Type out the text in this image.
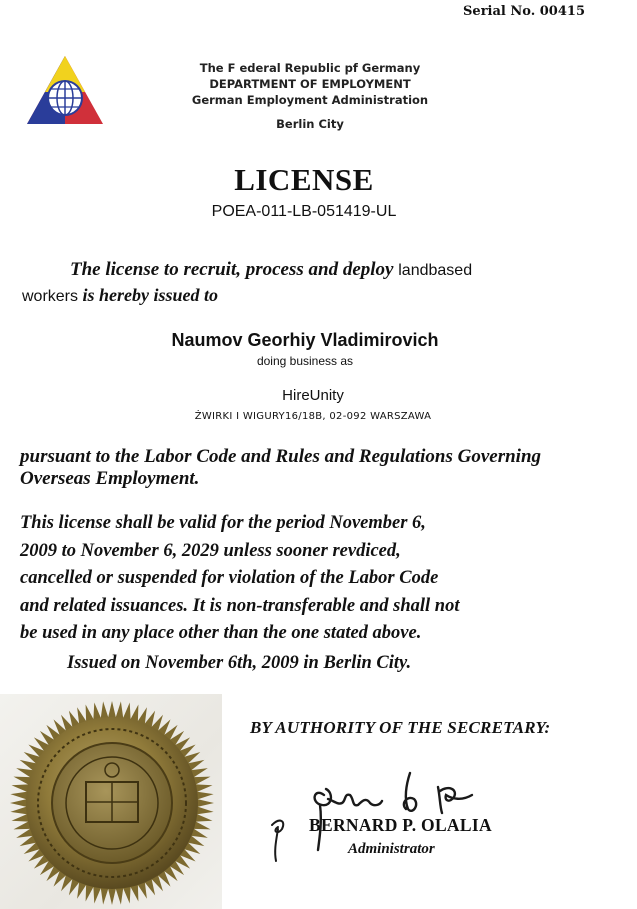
Serial No. 00415
The F ederal Republic pf Germany
DEPARTMENT OF EMPLOYMENT
German Employment Administration
Berlin City
LICENSE
POEA-011-LB-051419-UL
The license to recruit, process and deploy landbased
workers is hereby issued to
Naumov Georhiy Vladimirovich
doing business as
HireUnity
ŻWIRKI I WIGURY16/18B, 02-092 WARSZAWA
pursuant to the Labor Code and Rules and Regulations Governing Overseas Employment.
This license shall be valid for the period November 6,
2009 to November 6, 2029 unless sooner revdiced,
cancelled or suspended for violation of the Labor Code
and related issuances. It is non-transferable and shall not
be used in any place other than the one stated above.
Issued on November 6th, 2009 in Berlin City.
BY AUTHORITY OF THE SECRETARY:
BERNARD P. OLALIA
Administrator
